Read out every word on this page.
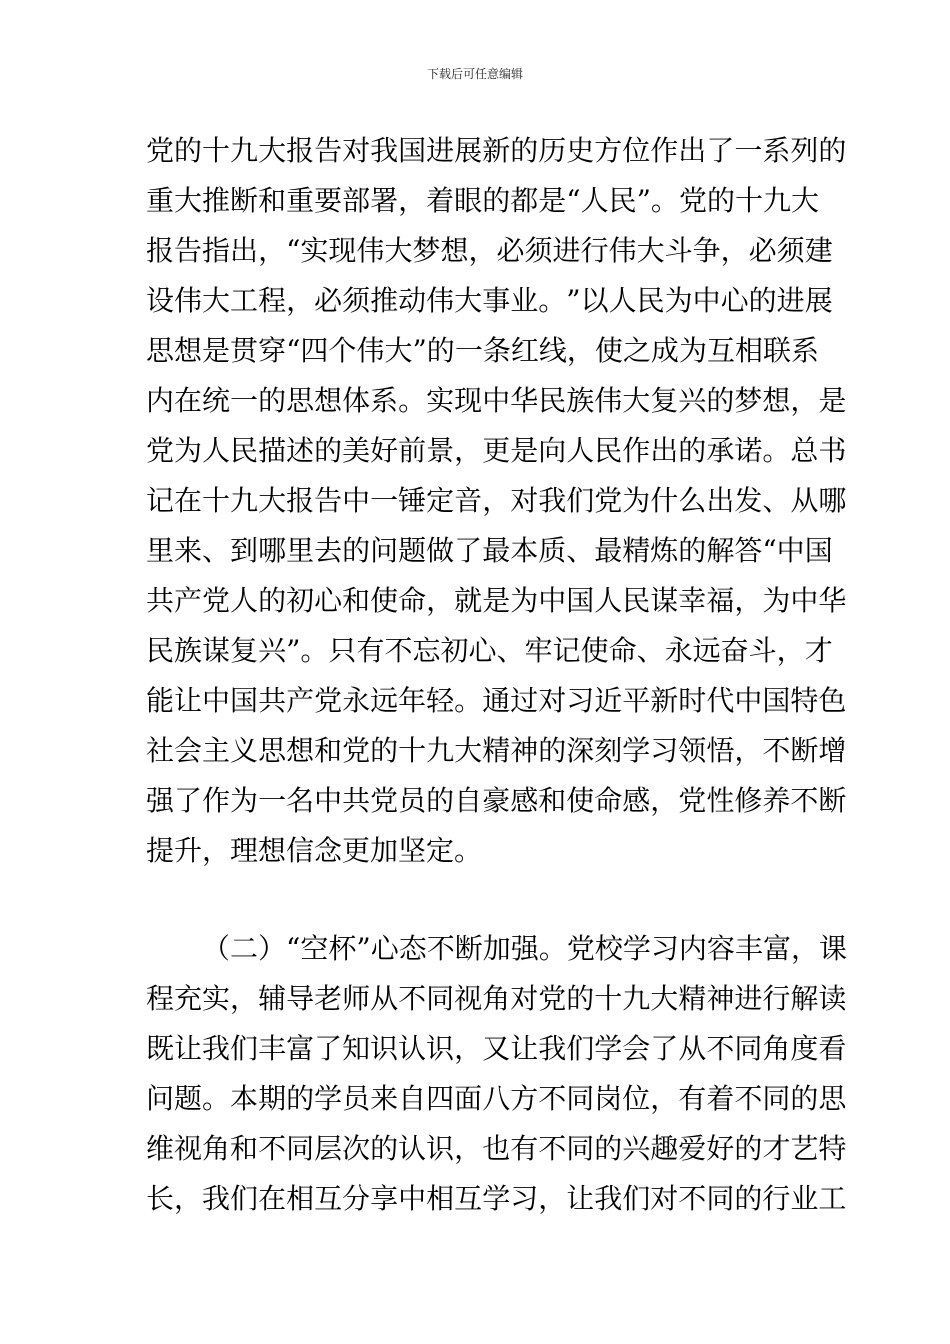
下载后可任意编辑
党 的 十 九 大 报 告 对 我 国 进 展 新 的 历 史 方 位 作 出 了 一 系 列 的
重 大 推 断 和 重 要 部 署 ， 着 眼 的 都 是 “ 人 民 ” 。 党 的 十 九 大
报 告 指 出 ， “ 实 现 伟 大 梦 想 ， 必 须 进 行 伟 大 斗 争 ， 必 须 建
设 伟 大 工 程 ， 必 须 推 动 伟 大 事 业 。 ” 以 人 民 为 中 心 的 进 展
思 想 是 贯 穿 “ 四 个 伟 大 ” 的 一 条 红 线 ， 使 之 成 为 互 相 联 系
内 在 统 一 的 思 想 体 系 。 实 现 中 华 民 族 伟 大 复 兴 的 梦 想 ， 是
党 为 人 民 描 述 的 美 好 前 景 ， 更 是 向 人 民 作 出 的 承 诺 。 总 书
记 在 十 九 大 报 告 中 一 锤 定 音 ， 对 我 们 党 为 什 么 出 发 、 从 哪
里 来 、 到 哪 里 去 的 问 题 做 了 最 本 质 、 最 精 炼 的 解 答 “ 中 国
共 产 党 人 的 初 心 和 使 命 ， 就 是 为 中 国 人 民 谋 幸 福 ， 为 中 华
民 族 谋 复 兴 ” 。 只 有 不 忘 初 心 、 牢 记 使 命 、 永 远 奋 斗 ， 才
能 让 中 国 共 产 党 永 远 年 轻 。 通 过 对 习 近 平 新 时 代 中 国 特 色
社 会 主 义 思 想 和 党 的 十 九 大 精 神 的 深 刻 学 习 领 悟 ， 不 断 增
强 了 作 为 一 名 中 共 党 员 的 自 豪 感 和 使 命 感 ， 党 性 修 养 不 断
提升，理想信念更加坚定。
（ 二 ） “ 空 杯 ” 心 态 不 断 加 强 。 党 校 学 习 内 容 丰 富 ， 课
程 充 实 ， 辅 导 老 师 从 不 同 视 角 对 党 的 十 九 大 精 神 进 行 解 读
既 让 我 们 丰 富 了 知 识 认 识 ， 又 让 我 们 学 会 了 从 不 同 角 度 看
问 题 。 本 期 的 学 员 来 自 四 面 八 方 不 同 岗 位 ， 有 着 不 同 的 思
维 视 角 和 不 同 层 次 的 认 识 ， 也 有 不 同 的 兴 趣 爱 好 的 才 艺 特
长 ， 我 们 在 相 互 分 享 中 相 互 学 习 ， 让 我 们 对 不 同 的 行 业 工
